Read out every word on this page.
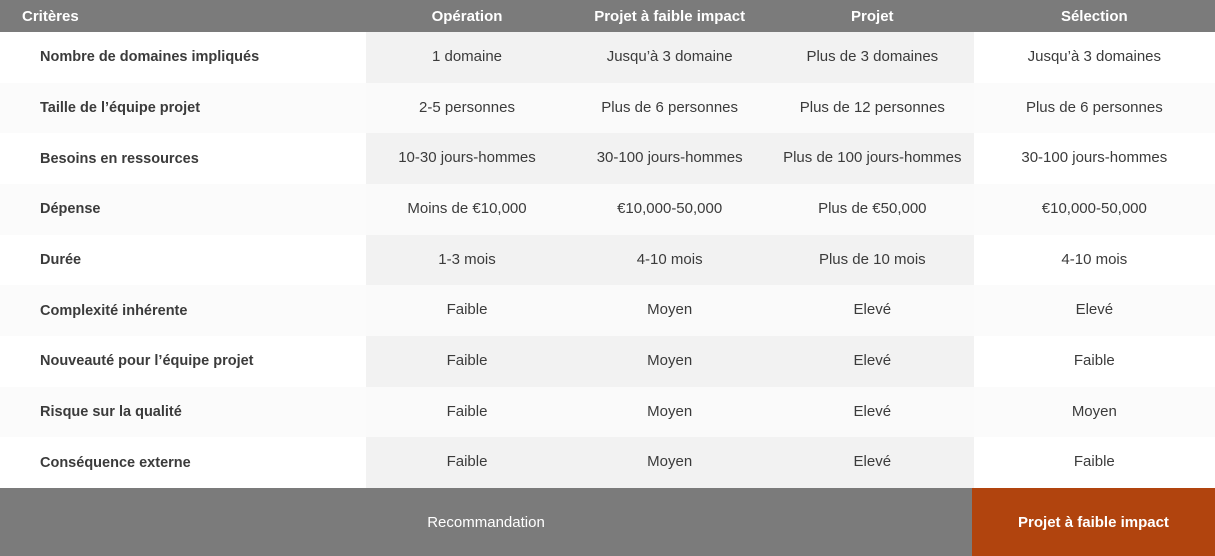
Critères	Opération	Projet à faible impact	Projet	Sélection
Nombre de domaines impliqués	1 domaine	Jusqu’à 3 domaine	Plus de 3 domaines	Jusqu’à 3 domaines
Taille de l’équipe projet	2-5 personnes	Plus de 6 personnes	Plus de 12 personnes	Plus de 6 personnes
Besoins en ressources	10-30 jours-hommes	30-100 jours-hommes	Plus de 100 jours-hommes	30-100 jours-hommes
Dépense	Moins de €10,000	€10,000-50,000	Plus de €50,000	€10,000-50,000
Durée	1-3 mois	4-10 mois	Plus de 10 mois	4-10 mois
Complexité inhérente	Faible	Moyen	Elevé	Elevé
Nouveauté pour l’équipe projet	Faible	Moyen	Elevé	Faible
Risque sur la qualité	Faible	Moyen	Elevé	Moyen
Conséquence externe	Faible	Moyen	Elevé	Faible
Recommandation	Projet à faible impact
